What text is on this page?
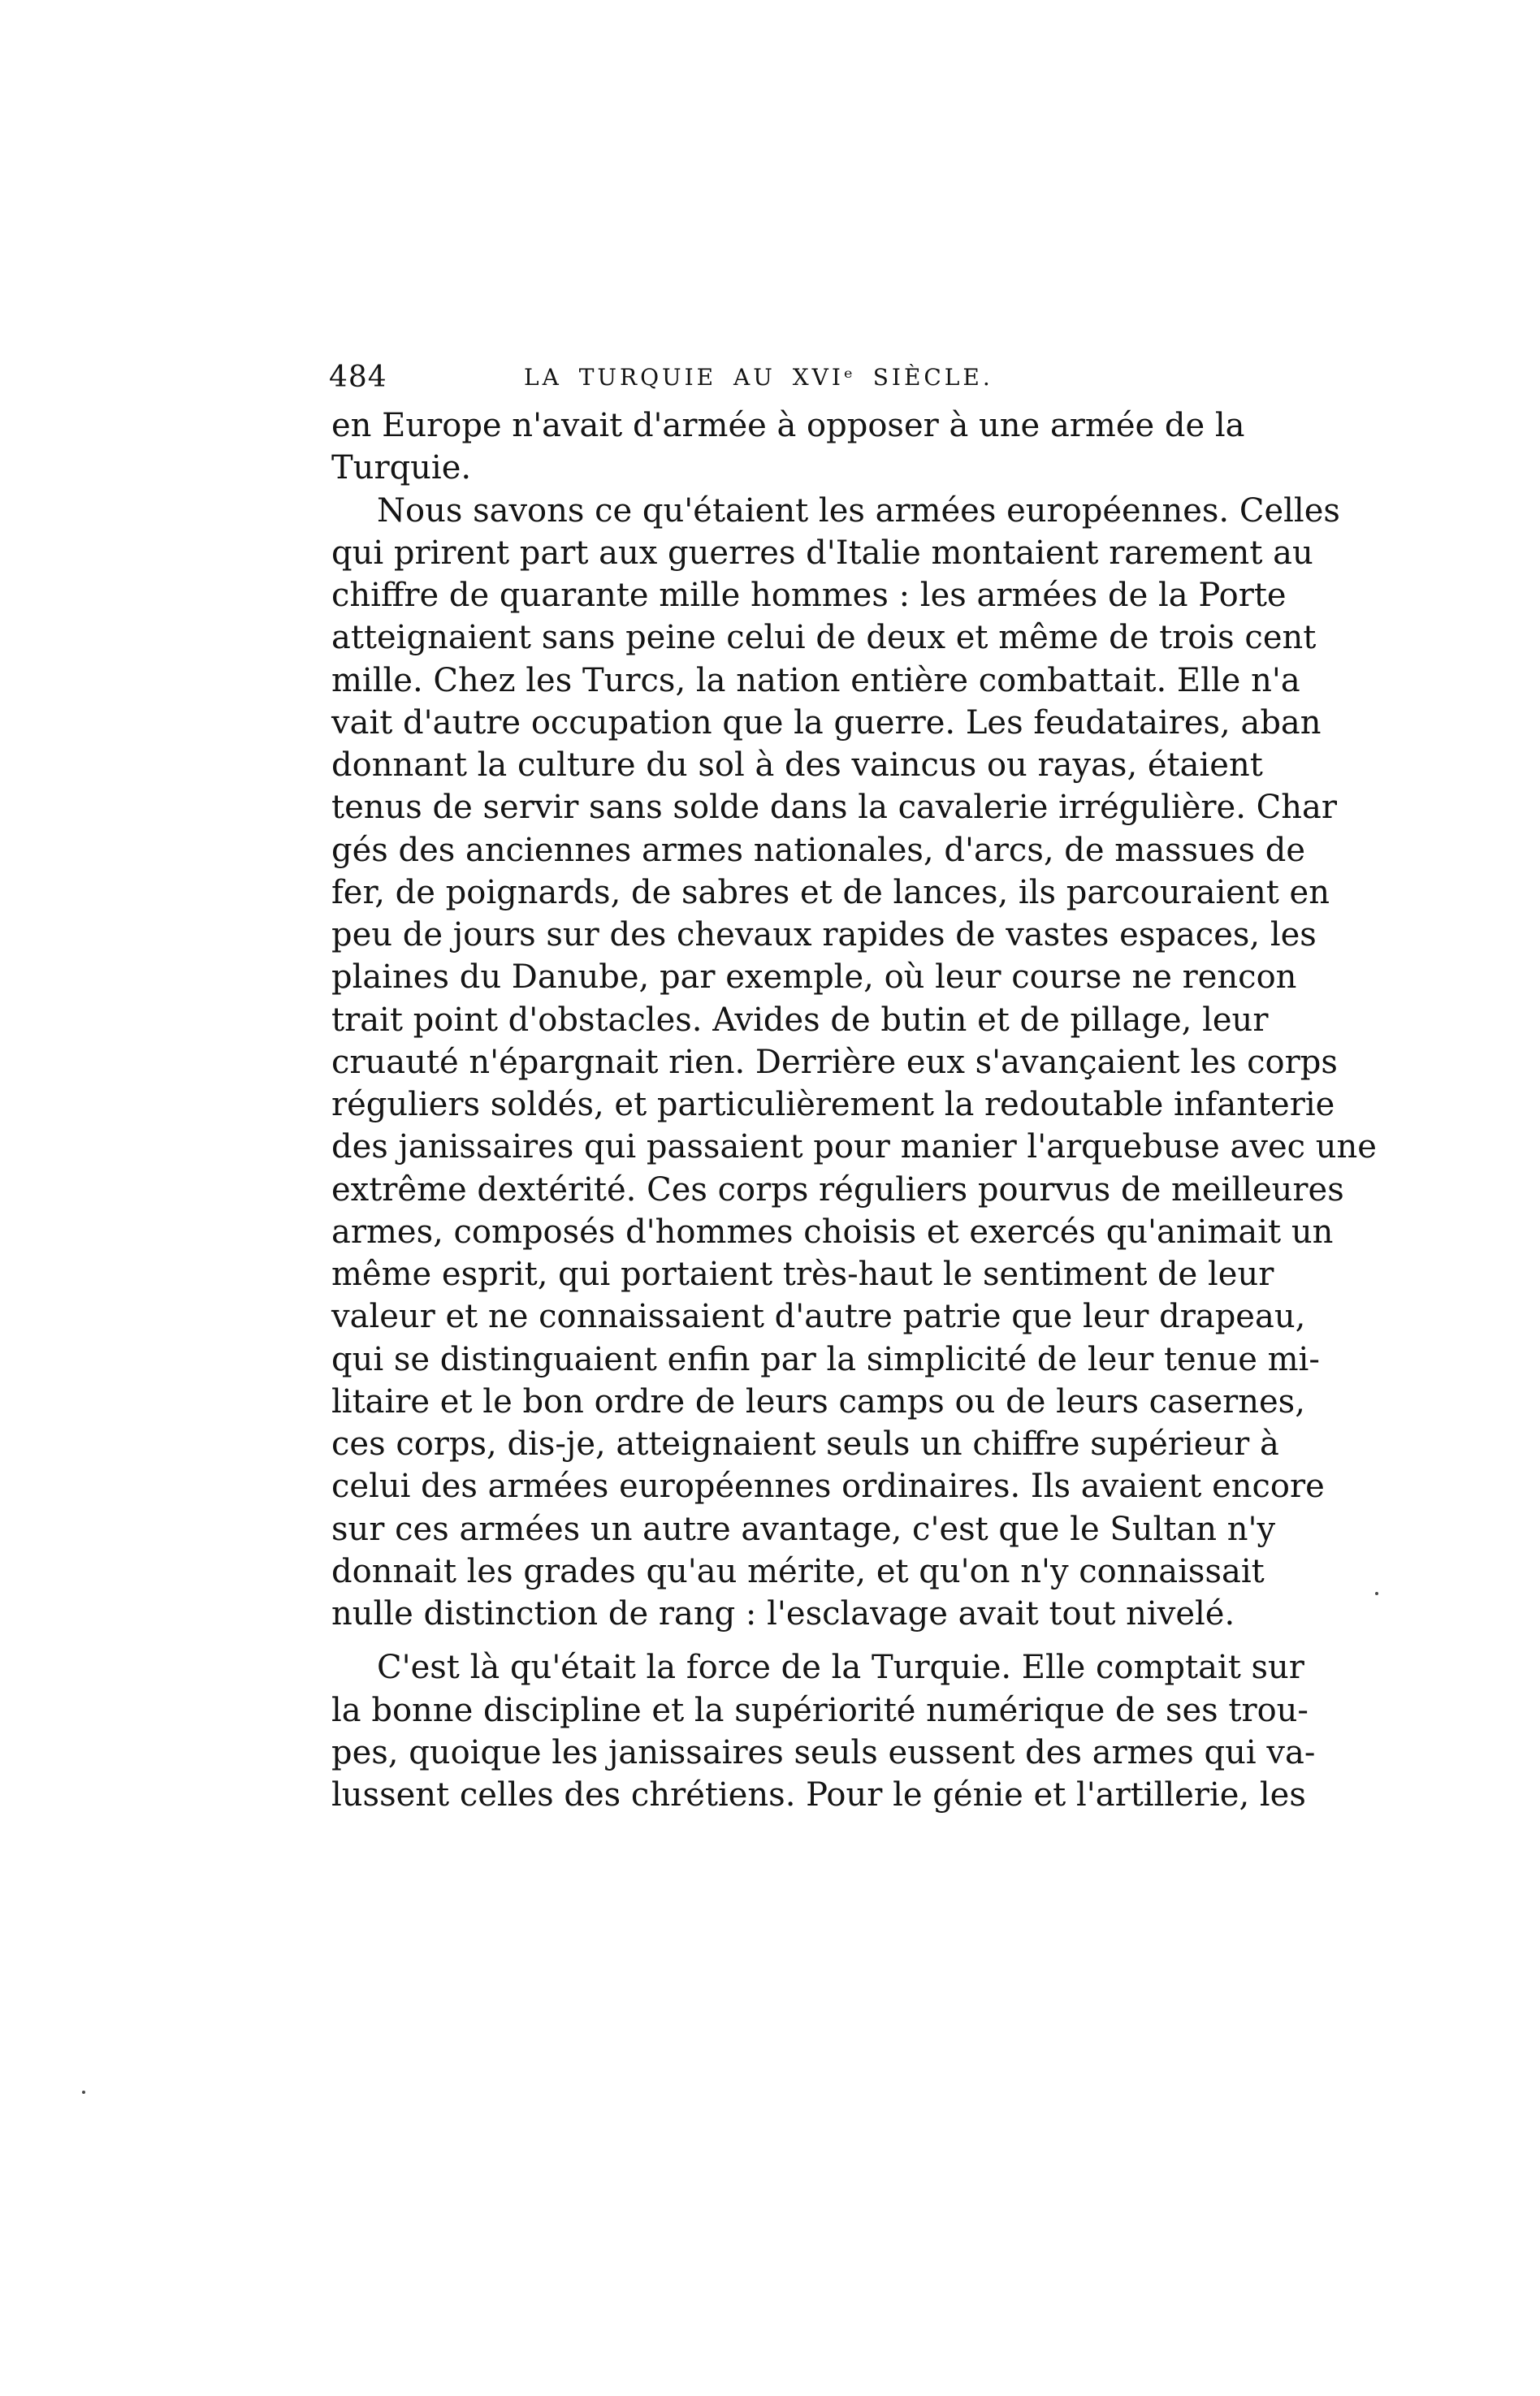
484	LA TURQUIE AU XVIᵉ SIÈCLE.
en Europe n'avait d'armée à opposer à une armée de la
Turquie.
Nous savons ce qu'étaient les armées européennes. Celles
qui prirent part aux guerres d'Italie montaient rarement au
chiffre de quarante mille hommes : les armées de la Porte
atteignaient sans peine celui de deux et même de trois cent
mille. Chez les Turcs, la nation entière combattait. Elle n'a
vait d'autre occupation que la guerre. Les feudataires, aban
donnant la culture du sol à des vaincus ou rayas, étaient
tenus de servir sans solde dans la cavalerie irrégulière. Char
gés des anciennes armes nationales, d'arcs, de massues de
fer, de poignards, de sabres et de lances, ils parcouraient en
peu de jours sur des chevaux rapides de vastes espaces, les
plaines du Danube, par exemple, où leur course ne rencon
trait point d'obstacles. Avides de butin et de pillage, leur
cruauté n'épargnait rien. Derrière eux s'avançaient les corps
réguliers soldés, et particulièrement la redoutable infanterie
des janissaires qui passaient pour manier l'arquebuse avec une
extrême dextérité. Ces corps réguliers pourvus de meilleures
armes, composés d'hommes choisis et exercés qu'animait un
même esprit, qui portaient très-haut le sentiment de leur
valeur et ne connaissaient d'autre patrie que leur drapeau,
qui se distinguaient enfin par la simplicité de leur tenue mi-
litaire et le bon ordre de leurs camps ou de leurs casernes,
ces corps, dis-je, atteignaient seuls un chiffre supérieur à
celui des armées européennes ordinaires. Ils avaient encore
sur ces armées un autre avantage, c'est que le Sultan n'y
donnait les grades qu'au mérite, et qu'on n'y connaissait
nulle distinction de rang : l'esclavage avait tout nivelé.
C'est là qu'était la force de la Turquie. Elle comptait sur
la bonne discipline et la supériorité numérique de ses trou-
pes, quoique les janissaires seuls eussent des armes qui va-
lussent celles des chrétiens. Pour le génie et l'artillerie, les
